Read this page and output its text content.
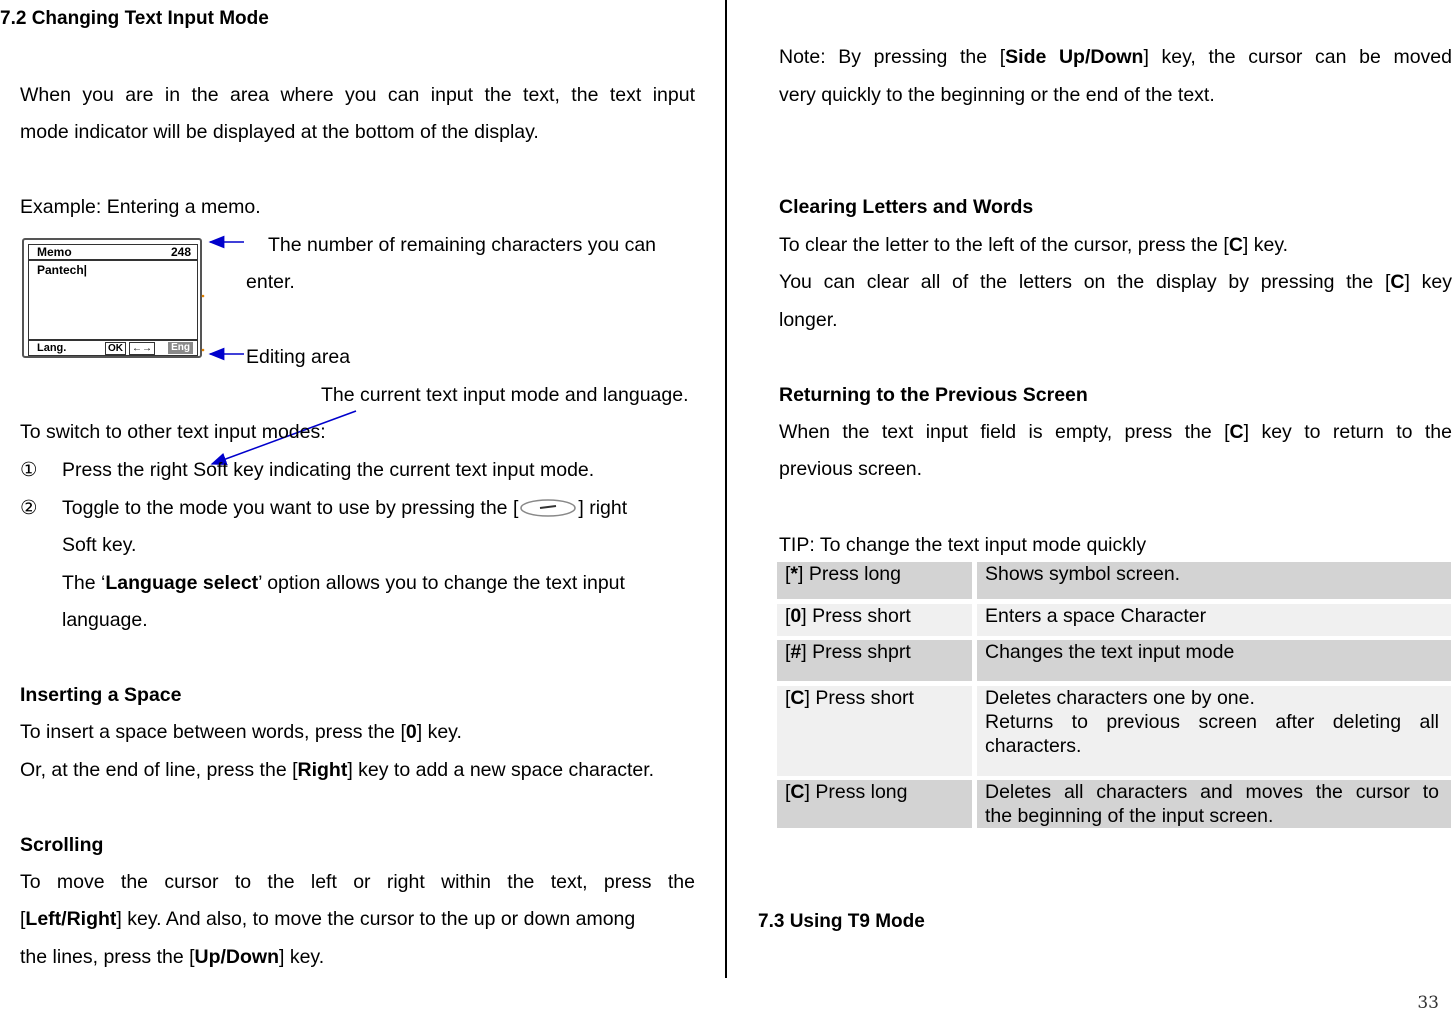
7.2 Changing Text Input Mode
When you are in the area where you can input the text, the text input
mode indicator will be displayed at the bottom of the display.
Example: Entering a memo.
Memo	248
Pantech|
Lang.	OK ←→	Eng
The number of remaining characters you can
enter.
Editing area
The current text input mode and language.
To switch to other text input modes:
① Press the right Soft key indicating the current text input mode.
② Toggle to the mode you want to use by pressing the [	] right
Soft key.
The ‘Language select’ option allows you to change the text input
language.
Inserting a Space
To insert a space between words, press the [0] key.
Or, at the end of line, press the [Right] key to add a new space character.
Scrolling
To move the cursor to the left or right within the text, press the
[Left/Right] key. And also, to move the cursor to the up or down among
the lines, press the [Up/Down] key.
Note: By pressing the [Side Up/Down] key, the cursor can be moved
very quickly to the beginning or the end of the text.
Clearing Letters and Words
To clear the letter to the left of the cursor, press the [C] key.
You can clear all of the letters on the display by pressing the [C] key
longer.
Returning to the Previous Screen
When the text input field is empty, press the [C] key to return to the
previous screen.
TIP: To change the text input mode quickly
[*] Press long	Shows symbol screen.
[0] Press short	Enters a space Character
[#] Press shprt	Changes the text input mode
[C] Press short	Deletes characters one by one.
Returns to previous screen after deleting all
characters.
[C] Press long	Deletes all characters and moves the cursor to
the beginning of the input screen.
7.3 Using T9 Mode
33
